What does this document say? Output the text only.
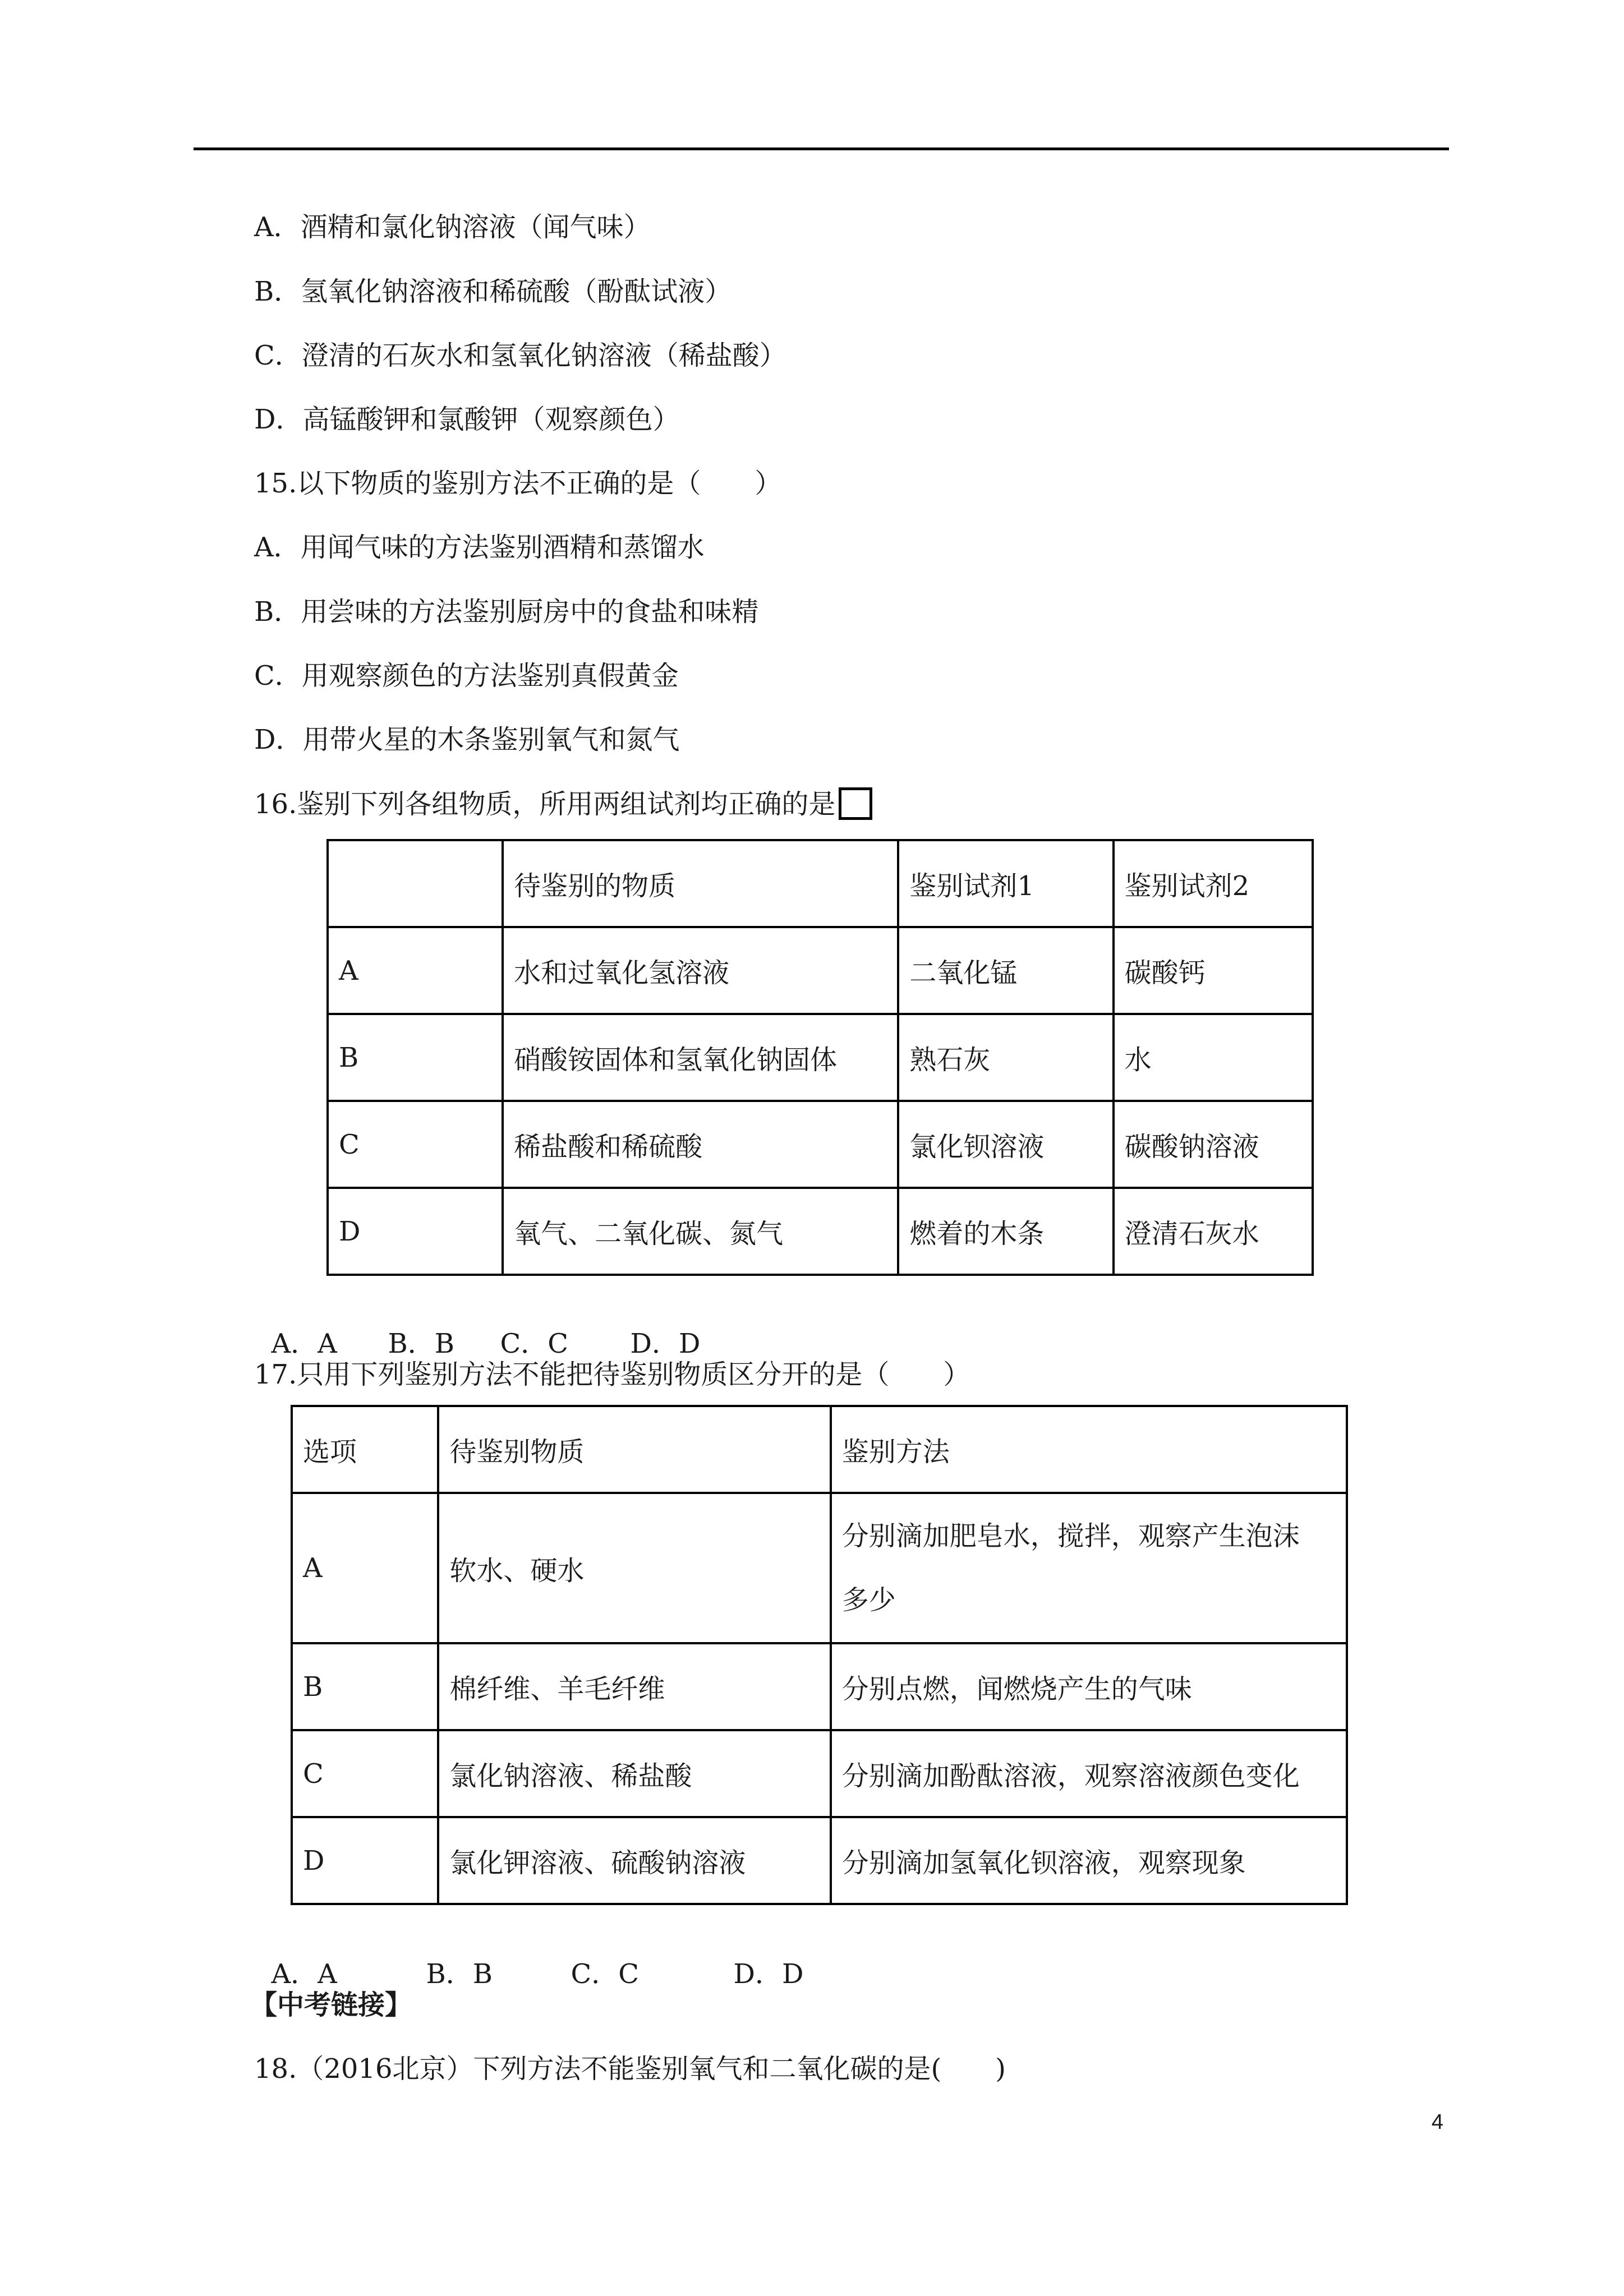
A．酒精和氯化钠溶液（闻气味）
B．氢氧化钠溶液和稀硫酸（酚酞试液）
C．澄清的石灰水和氢氧化钠溶液（稀盐酸）
D．高锰酸钾和氯酸钾（观察颜色）
15.以下物质的鉴别方法不正确的是（　　）
A．用闻气味的方法鉴别酒精和蒸馏水
B．用尝味的方法鉴别厨房中的食盐和味精
C．用观察颜色的方法鉴别真假黄金
D．用带火星的木条鉴别氧气和氮气
16.鉴别下列各组物质，所用两组试剂均正确的是
	待鉴别的物质	鉴别试剂1	鉴别试剂2
A	水和过氧化氢溶液	二氧化锰	碳酸钙
B	硝酸铵固体和氢氧化钠固体	熟石灰	水
C	稀盐酸和稀硫酸	氯化钡溶液	碳酸钠溶液
D	氧气、二氧化碳、氮气	燃着的木条	澄清石灰水

A．A B．B C．C D．D

17.只用下列鉴别方法不能把待鉴别物质区分开的是（　　）
选项	待鉴别物质	鉴别方法
A	软水、硬水	分别滴加肥皂水，搅拌，观察产生泡沫
多少

B	棉纤维、羊毛纤维	分别点燃，闻燃烧产生的气味
C	氯化钠溶液、稀盐酸	分别滴加酚酞溶液，观察溶液颜色变化
D	氯化钾溶液、硫酸钠溶液	分别滴加氢氧化钡溶液，观察现象

A．A	B．B	C．C	D．D

【中考链接】
18.（2016北京）下列方法不能鉴别氧气和二氧化碳的是(　　)
4
